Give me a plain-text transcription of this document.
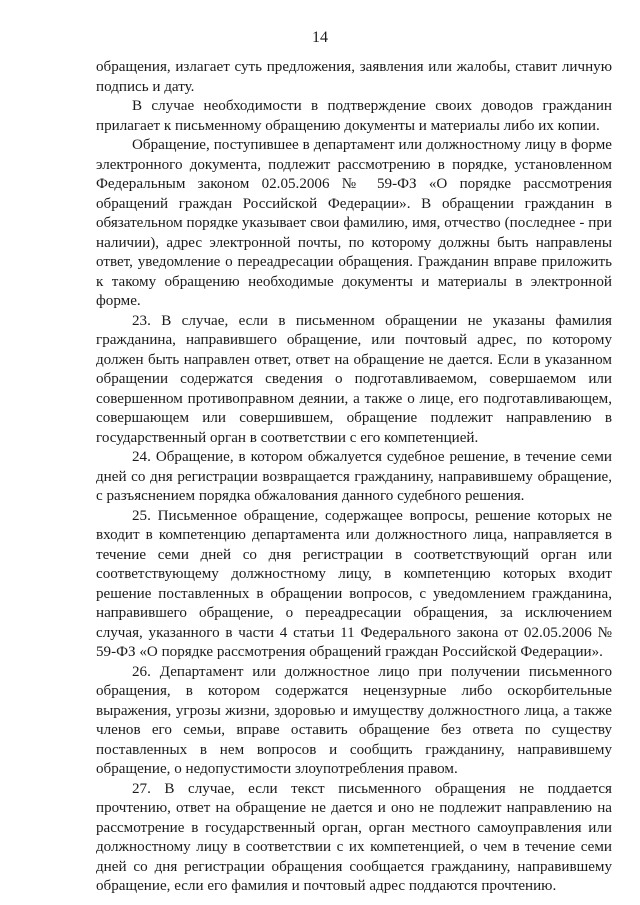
14

обращения, излагает суть предложения, заявления или жалобы, ставит личную подпись и дату.

В случае необходимости в подтверждение своих доводов гражданин прилагает к письменному обращению документы и материалы либо их копии.

Обращение, поступившее в департамент или должностному лицу в форме электронного документа, подлежит рассмотрению в порядке, установленном Федеральным законом 02.05.2006 № 59-ФЗ «О порядке рассмотрения обращений граждан Российской Федерации». В обращении гражданин в обязательном порядке указывает свои фамилию, имя, отчество (последнее - при наличии), адрес электронной почты, по которому должны быть направлены ответ, уведомление о переадресации обращения. Гражданин вправе приложить к такому обращению необходимые документы и материалы в электронной форме.

23. В случае, если в письменном обращении не указаны фамилия гражданина, направившего обращение, или почтовый адрес, по которому должен быть направлен ответ, ответ на обращение не дается. Если в указанном обращении содержатся сведения о подготавливаемом, совершаемом или совершенном противоправном деянии, а также о лице, его подготавливающем, совершающем или совершившем, обращение подлежит направлению в государственный орган в соответствии с его компетенцией.

24. Обращение, в котором обжалуется судебное решение, в течение семи дней со дня регистрации возвращается гражданину, направившему обращение, с разъяснением порядка обжалования данного судебного решения.

25. Письменное обращение, содержащее вопросы, решение которых не входит в компетенцию департамента или должностного лица, направляется в течение семи дней со дня регистрации в соответствующий орган или соответствующему должностному лицу, в компетенцию которых входит решение поставленных в обращении вопросов, с уведомлением гражданина, направившего обращение, о переадресации обращения, за исключением случая, указанного в части 4 статьи 11 Федерального закона от 02.05.2006 № 59-ФЗ «О порядке рассмотрения обращений граждан Российской Федерации».

26. Департамент или должностное лицо при получении письменного обращения, в котором содержатся нецензурные либо оскорбительные выражения, угрозы жизни, здоровью и имуществу должностного лица, а также членов его семьи, вправе оставить обращение без ответа по существу поставленных в нем вопросов и сообщить гражданину, направившему обращение, о недопустимости злоупотребления правом.

27. В случае, если текст письменного обращения не поддается прочтению, ответ на обращение не дается и оно не подлежит направлению на рассмотрение в государственный орган, орган местного самоуправления или должностному лицу в соответствии с их компетенцией, о чем в течение семи дней со дня регистрации обращения сообщается гражданину, направившему обращение, если его фамилия и почтовый адрес поддаются прочтению.
